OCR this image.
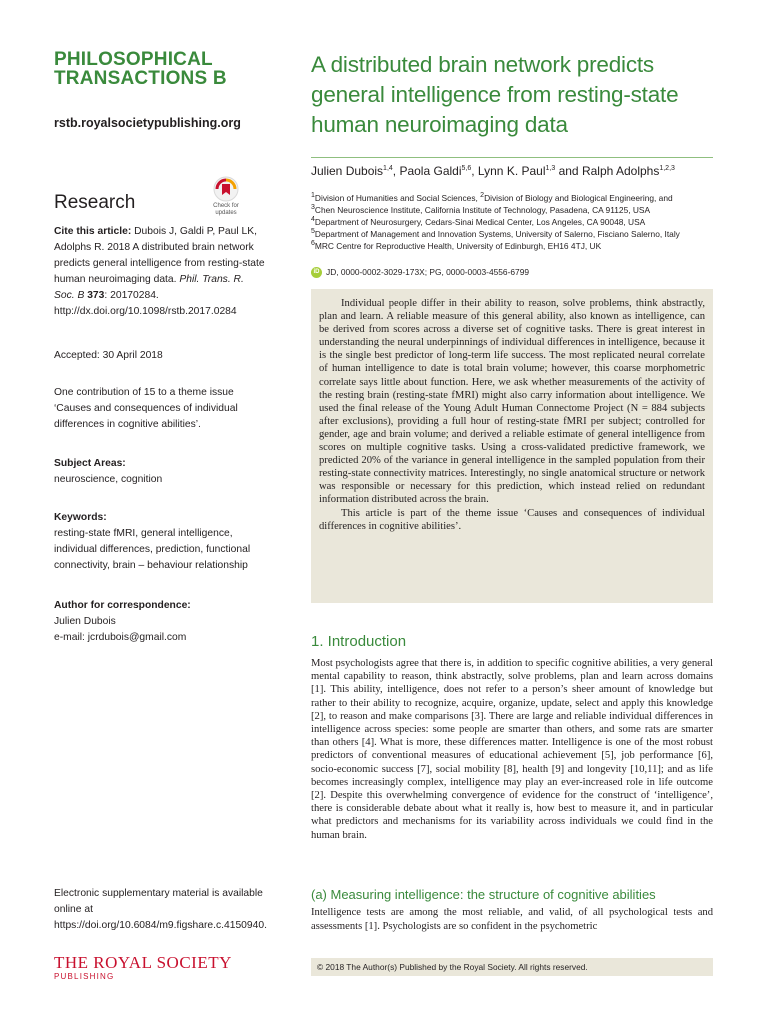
PHILOSOPHICAL
TRANSACTIONS B
rstb.royalsocietypublishing.org
Research	Check for
updates
Cite this article: Dubois J, Galdi P, Paul LK, Adolphs R. 2018 A distributed brain network predicts general intelligence from resting-state human neuroimaging data. Phil. Trans. R. Soc. B 373: 20170284.
http://dx.doi.org/10.1098/rstb.2017.0284
Accepted: 30 April 2018
One contribution of 15 to a theme issue ‘Causes and consequences of individual differences in cognitive abilities’.
Subject Areas:
neuroscience, cognition
Keywords:
resting-state fMRI, general intelligence, individual differences, prediction, functional connectivity, brain – behaviour relationship
Author for correspondence:
Julien Dubois
e-mail: jcrdubois@gmail.com
Electronic supplementary material is available online at https://doi.org/10.6084/m9.figshare.c.4150940.
THE ROYAL SOCIETY
PUBLISHING
A distributed brain network predicts general intelligence from resting-state human neuroimaging data
Julien Dubois$^{1,4}$, Paola Galdi$^{5,6}$, Lynn K. Paul$^{1,3}$ and Ralph Adolphs$^{1,2,3}$
$^1$Division of Humanities and Social Sciences, $^2$Division of Biology and Biological Engineering, and
$^3$Chen Neuroscience Institute, California Institute of Technology, Pasadena, CA 91125, USA
$^4$Department of Neurosurgery, Cedars-Sinai Medical Center, Los Angeles, CA 90048, USA
$^5$Department of Management and Innovation Systems, University of Salerno, Fisciano Salerno, Italy
$^6$MRC Centre for Reproductive Health, University of Edinburgh, EH16 4TJ, UK
iD JD, 0000-0002-3029-173X; PG, 0000-0003-4556-6799

Individual people differ in their ability to reason, solve problems, think abstractly, plan and learn. A reliable measure of this general ability, also known as intelligence, can be derived from scores across a diverse set of cognitive tasks. There is great interest in understanding the neural underpinnings of individual differences in intelligence, because it is the single best predictor of long-term life success. The most replicated neural correlate of human intelligence to date is total brain volume; however, this coarse morphometric correlate says little about function. Here, we ask whether measurements of the activity of the resting brain (resting-state fMRI) might also carry information about intelligence. We used the final release of the Young Adult Human Connectome Project (N = 884 subjects after exclusions), providing a full hour of resting-state fMRI per subject; controlled for gender, age and brain volume; and derived a reliable estimate of general intelligence from scores on multiple cognitive tasks. Using a cross-validated predictive framework, we predicted 20% of the variance in general intelligence in the sampled population from their resting-state connectivity matrices. Interestingly, no single anatomical structure or network was responsible or necessary for this prediction, which instead relied on redundant information distributed across the brain.

This article is part of the theme issue ‘Causes and consequences of individual differences in cognitive abilities’.

1. Introduction

Most psychologists agree that there is, in addition to specific cognitive abilities, a very general mental capability to reason, think abstractly, solve problems, plan and learn across domains [1]. This ability, intelligence, does not refer to a person’s sheer amount of knowledge but rather to their ability to recognize, acquire, organize, update, select and apply this knowledge [2], to reason and make comparisons [3]. There are large and reliable individual differences in intelligence across species: some people are smarter than others, and some rats are smarter than others [4]. What is more, these differences matter. Intelligence is one of the most robust predictors of conventional measures of educational achievement [5], job performance [6], socio-economic success [7], social mobility [8], health [9] and longevity [10,11]; and as life becomes increasingly complex, intelligence may play an ever-increased role in life outcome [2]. Despite this overwhelming convergence of evidence for the construct of ‘intelligence’, there is considerable debate about what it really is, how best to measure it, and in particular what predictors and mechanisms for its variability across individuals we could find in the human brain.

(a) Measuring intelligence: the structure of cognitive abilities

Intelligence tests are among the most reliable, and valid, of all psychological tests and assessments [1]. Psychologists are so confident in the psychometric

© 2018 The Author(s) Published by the Royal Society. All rights reserved.
